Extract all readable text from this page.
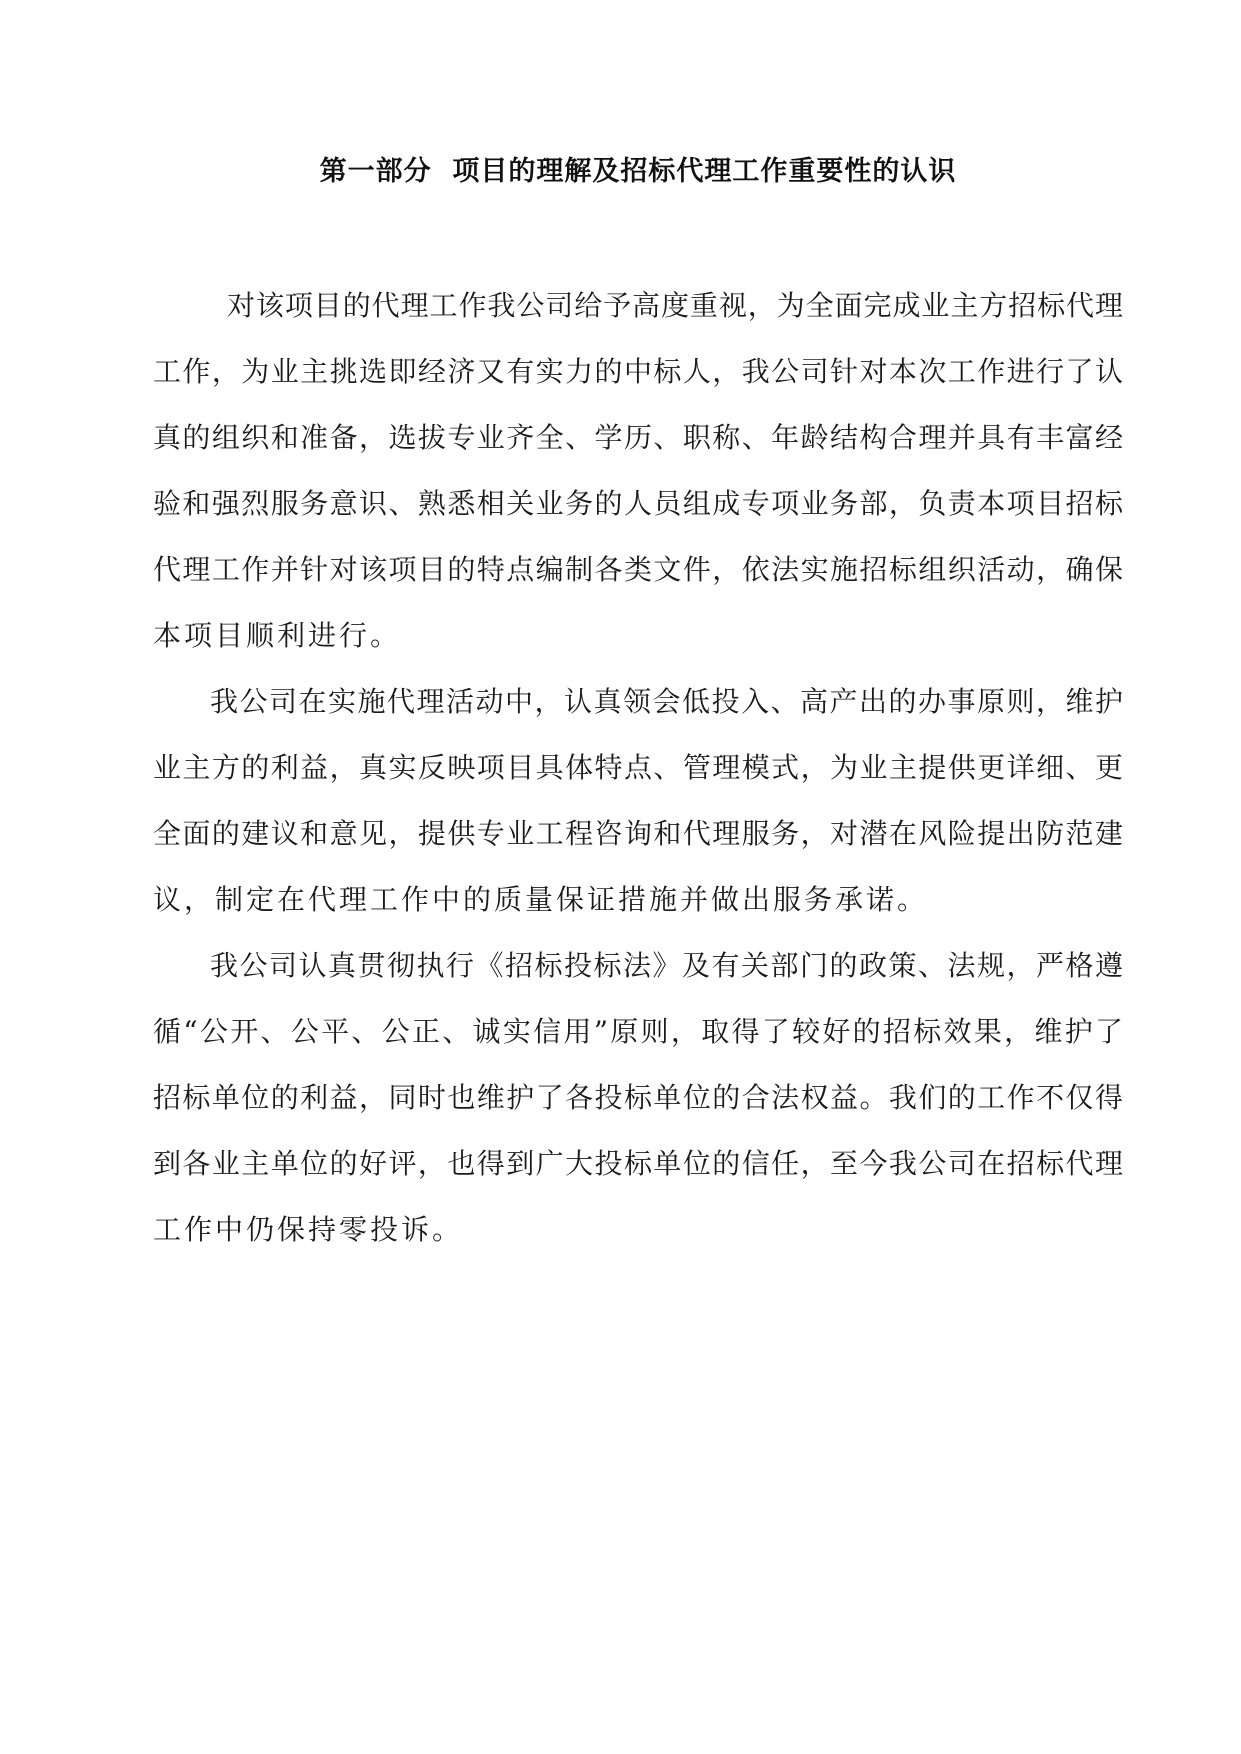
第一部分  项目的理解及招标代理工作重要性的认识
对该项目的代理工作我公司给予高度重视，为全面完成业主方招标代理
工作，为业主挑选即经济又有实力的中标人，我公司针对本次工作进行了认
真的组织和准备，选拔专业齐全、学历、职称、年龄结构合理并具有丰富经
验和强烈服务意识、熟悉相关业务的人员组成专项业务部，负责本项目招标
代理工作并针对该项目的特点编制各类文件，依法实施招标组织活动，确保
本项目顺利进行。
我公司在实施代理活动中，认真领会低投入、高产出的办事原则，维护
业主方的利益，真实反映项目具体特点、管理模式，为业主提供更详细、更
全面的建议和意见，提供专业工程咨询和代理服务，对潜在风险提出防范建
议，制定在代理工作中的质量保证措施并做出服务承诺。
我公司认真贯彻执行《招标投标法》及有关部门的政策、法规，严格遵
循“公开、公平、公正、诚实信用”原则，取得了较好的招标效果，维护了
招标单位的利益，同时也维护了各投标单位的合法权益。我们的工作不仅得
到各业主单位的好评，也得到广大投标单位的信任，至今我公司在招标代理
工作中仍保持零投诉。
